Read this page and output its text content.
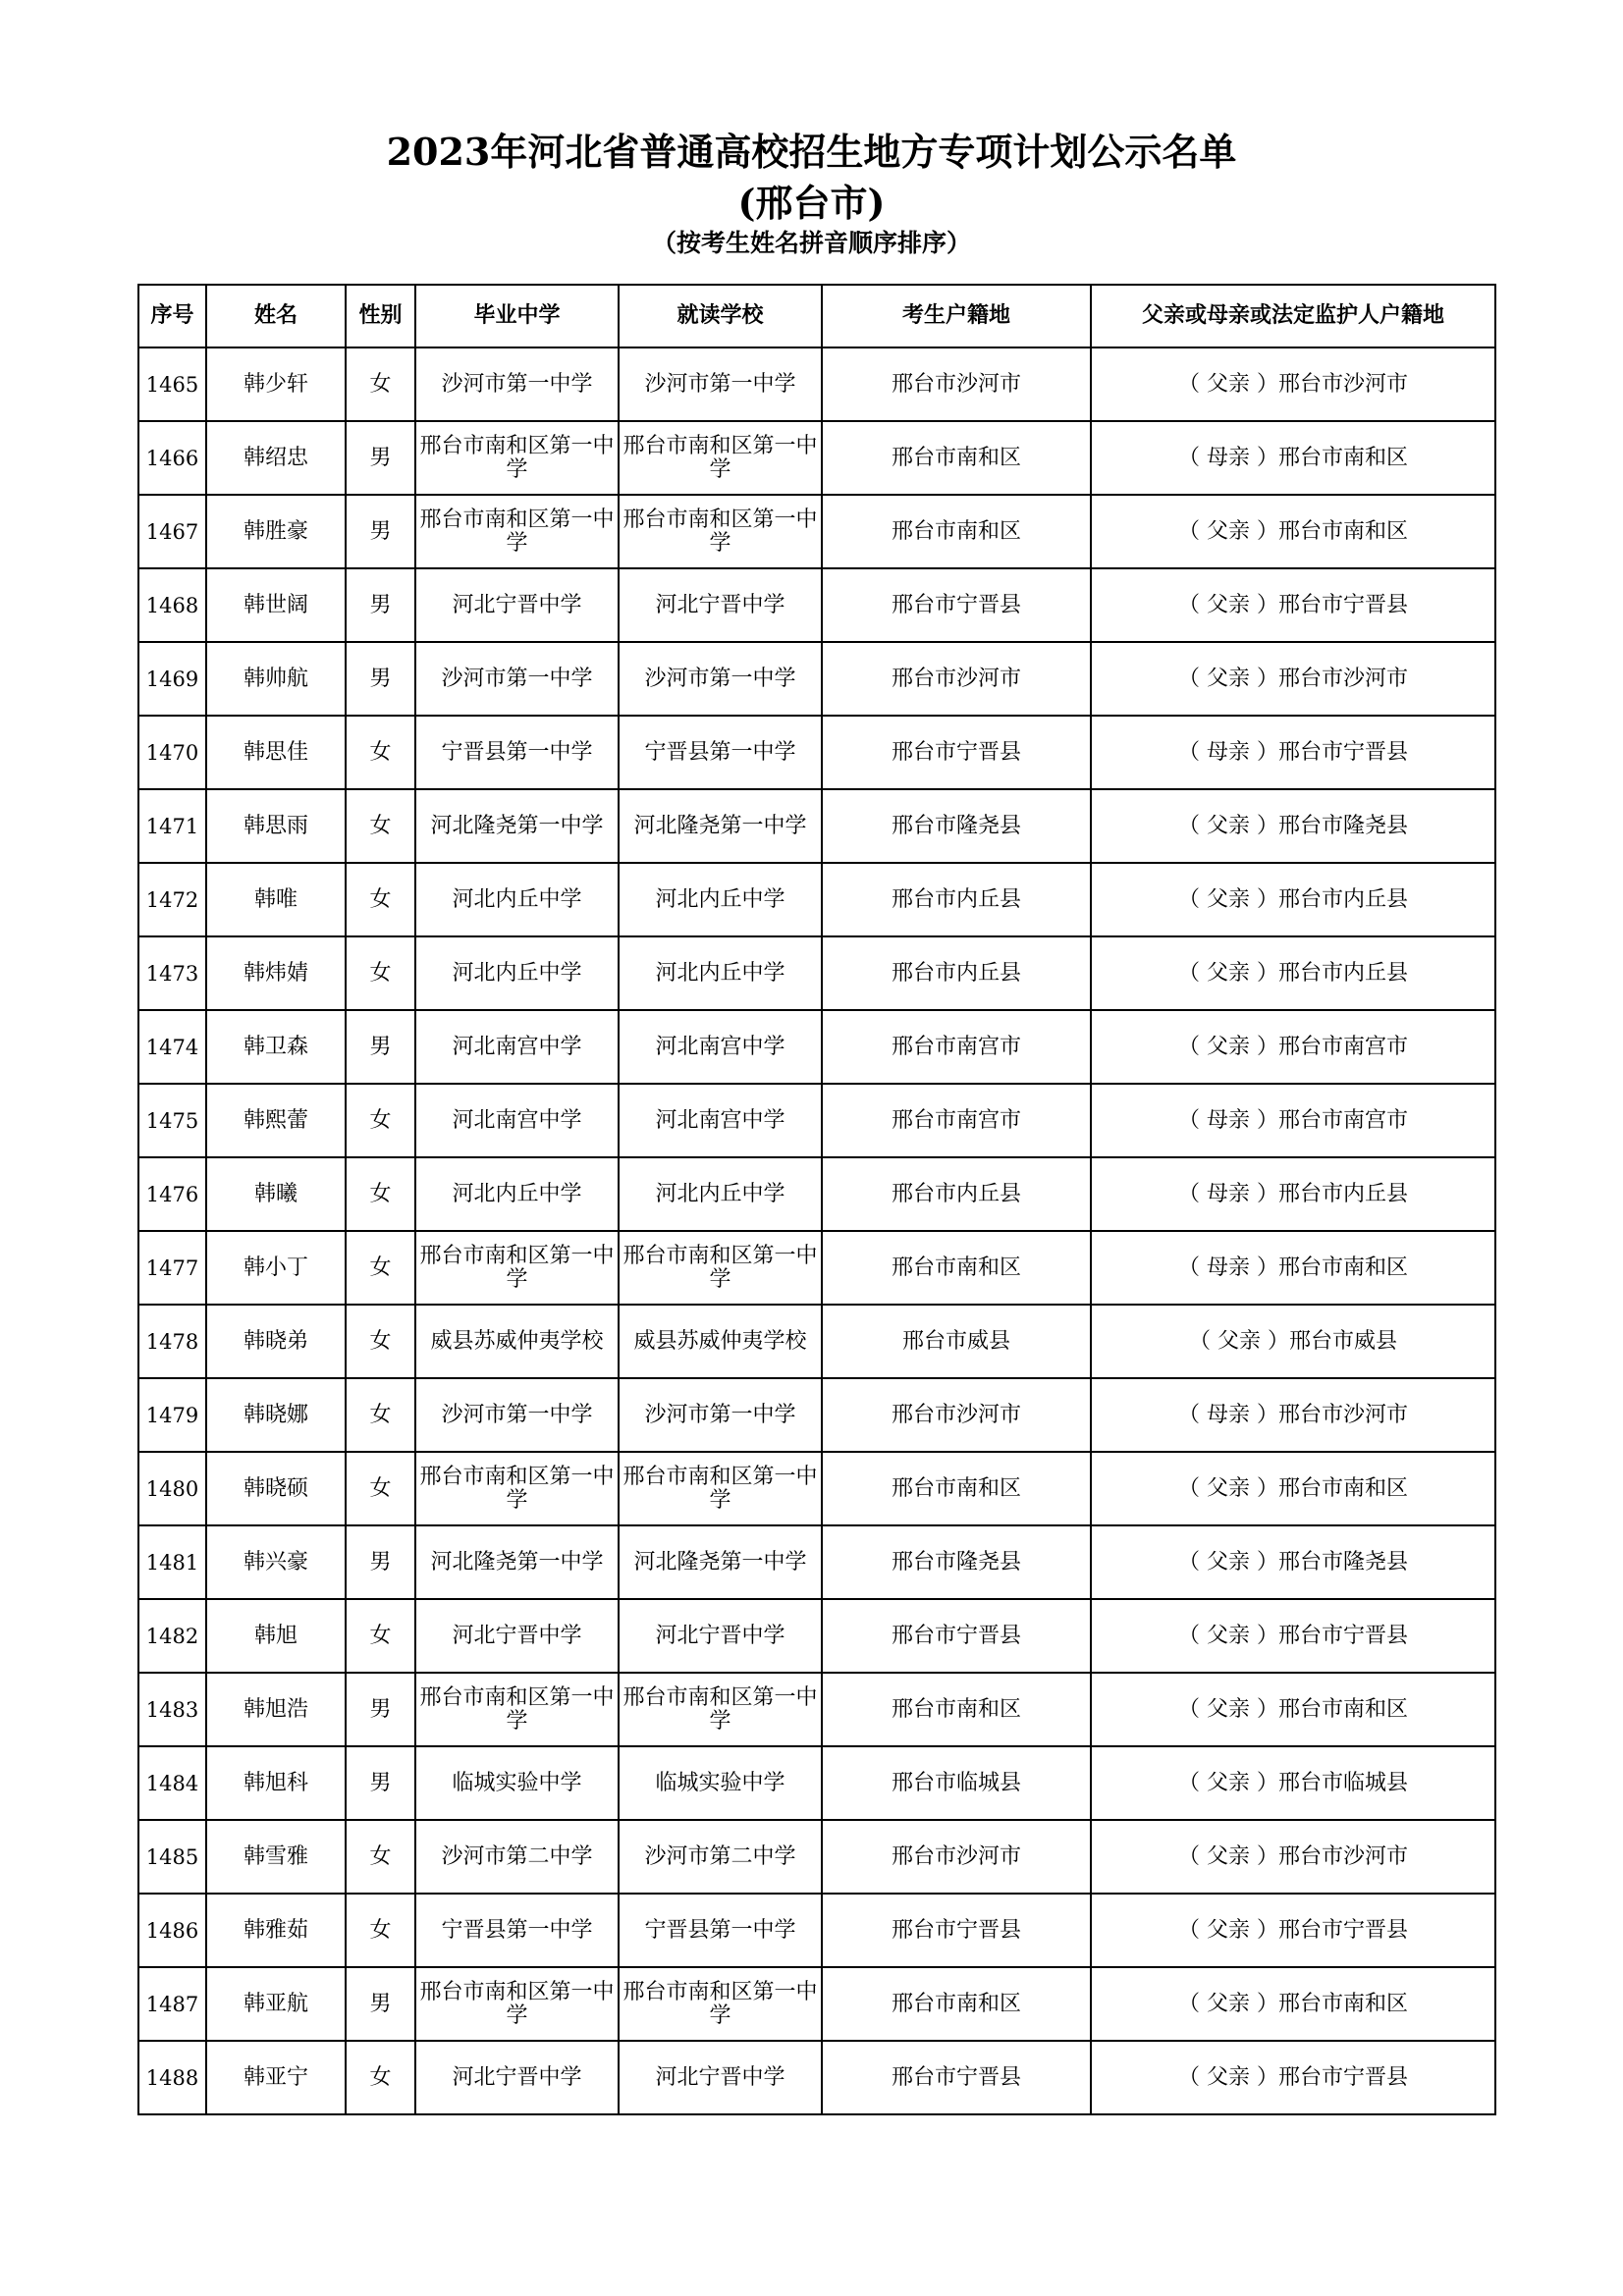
2023年河北省普通高校招生地方专项计划公示名单
(邢台市)
（按考生姓名拼音顺序排序）
序号	姓名	性别	毕业中学	就读学校	考生户籍地	父亲或母亲或法定监护人户籍地
1465	韩少轩	女	沙河市第一中学	沙河市第一中学	邢台市沙河市	（ 父亲 ）邢台市沙河市
1466	韩绍忠	男	邢台市南和区第一中学	邢台市南和区第一中学	邢台市南和区	（ 母亲 ）邢台市南和区
1467	韩胜豪	男	邢台市南和区第一中学	邢台市南和区第一中学	邢台市南和区	（ 父亲 ）邢台市南和区
1468	韩世阔	男	河北宁晋中学	河北宁晋中学	邢台市宁晋县	（ 父亲 ）邢台市宁晋县
1469	韩帅航	男	沙河市第一中学	沙河市第一中学	邢台市沙河市	（ 父亲 ）邢台市沙河市
1470	韩思佳	女	宁晋县第一中学	宁晋县第一中学	邢台市宁晋县	（ 母亲 ）邢台市宁晋县
1471	韩思雨	女	河北隆尧第一中学	河北隆尧第一中学	邢台市隆尧县	（ 父亲 ）邢台市隆尧县
1472	韩唯	女	河北内丘中学	河北内丘中学	邢台市内丘县	（ 父亲 ）邢台市内丘县
1473	韩炜婧	女	河北内丘中学	河北内丘中学	邢台市内丘县	（ 父亲 ）邢台市内丘县
1474	韩卫森	男	河北南宫中学	河北南宫中学	邢台市南宫市	（ 父亲 ）邢台市南宫市
1475	韩熙蕾	女	河北南宫中学	河北南宫中学	邢台市南宫市	（ 母亲 ）邢台市南宫市
1476	韩曦	女	河北内丘中学	河北内丘中学	邢台市内丘县	（ 母亲 ）邢台市内丘县
1477	韩小丁	女	邢台市南和区第一中学	邢台市南和区第一中学	邢台市南和区	（ 母亲 ）邢台市南和区
1478	韩晓弟	女	威县苏威仲夷学校	威县苏威仲夷学校	邢台市威县	（ 父亲 ）邢台市威县
1479	韩晓娜	女	沙河市第一中学	沙河市第一中学	邢台市沙河市	（ 母亲 ）邢台市沙河市
1480	韩晓硕	女	邢台市南和区第一中学	邢台市南和区第一中学	邢台市南和区	（ 父亲 ）邢台市南和区
1481	韩兴豪	男	河北隆尧第一中学	河北隆尧第一中学	邢台市隆尧县	（ 父亲 ）邢台市隆尧县
1482	韩旭	女	河北宁晋中学	河北宁晋中学	邢台市宁晋县	（ 父亲 ）邢台市宁晋县
1483	韩旭浩	男	邢台市南和区第一中学	邢台市南和区第一中学	邢台市南和区	（ 父亲 ）邢台市南和区
1484	韩旭科	男	临城实验中学	临城实验中学	邢台市临城县	（ 父亲 ）邢台市临城县
1485	韩雪雅	女	沙河市第二中学	沙河市第二中学	邢台市沙河市	（ 父亲 ）邢台市沙河市
1486	韩雅茹	女	宁晋县第一中学	宁晋县第一中学	邢台市宁晋县	（ 父亲 ）邢台市宁晋县
1487	韩亚航	男	邢台市南和区第一中学	邢台市南和区第一中学	邢台市南和区	（ 父亲 ）邢台市南和区
1488	韩亚宁	女	河北宁晋中学	河北宁晋中学	邢台市宁晋县	（ 父亲 ）邢台市宁晋县
